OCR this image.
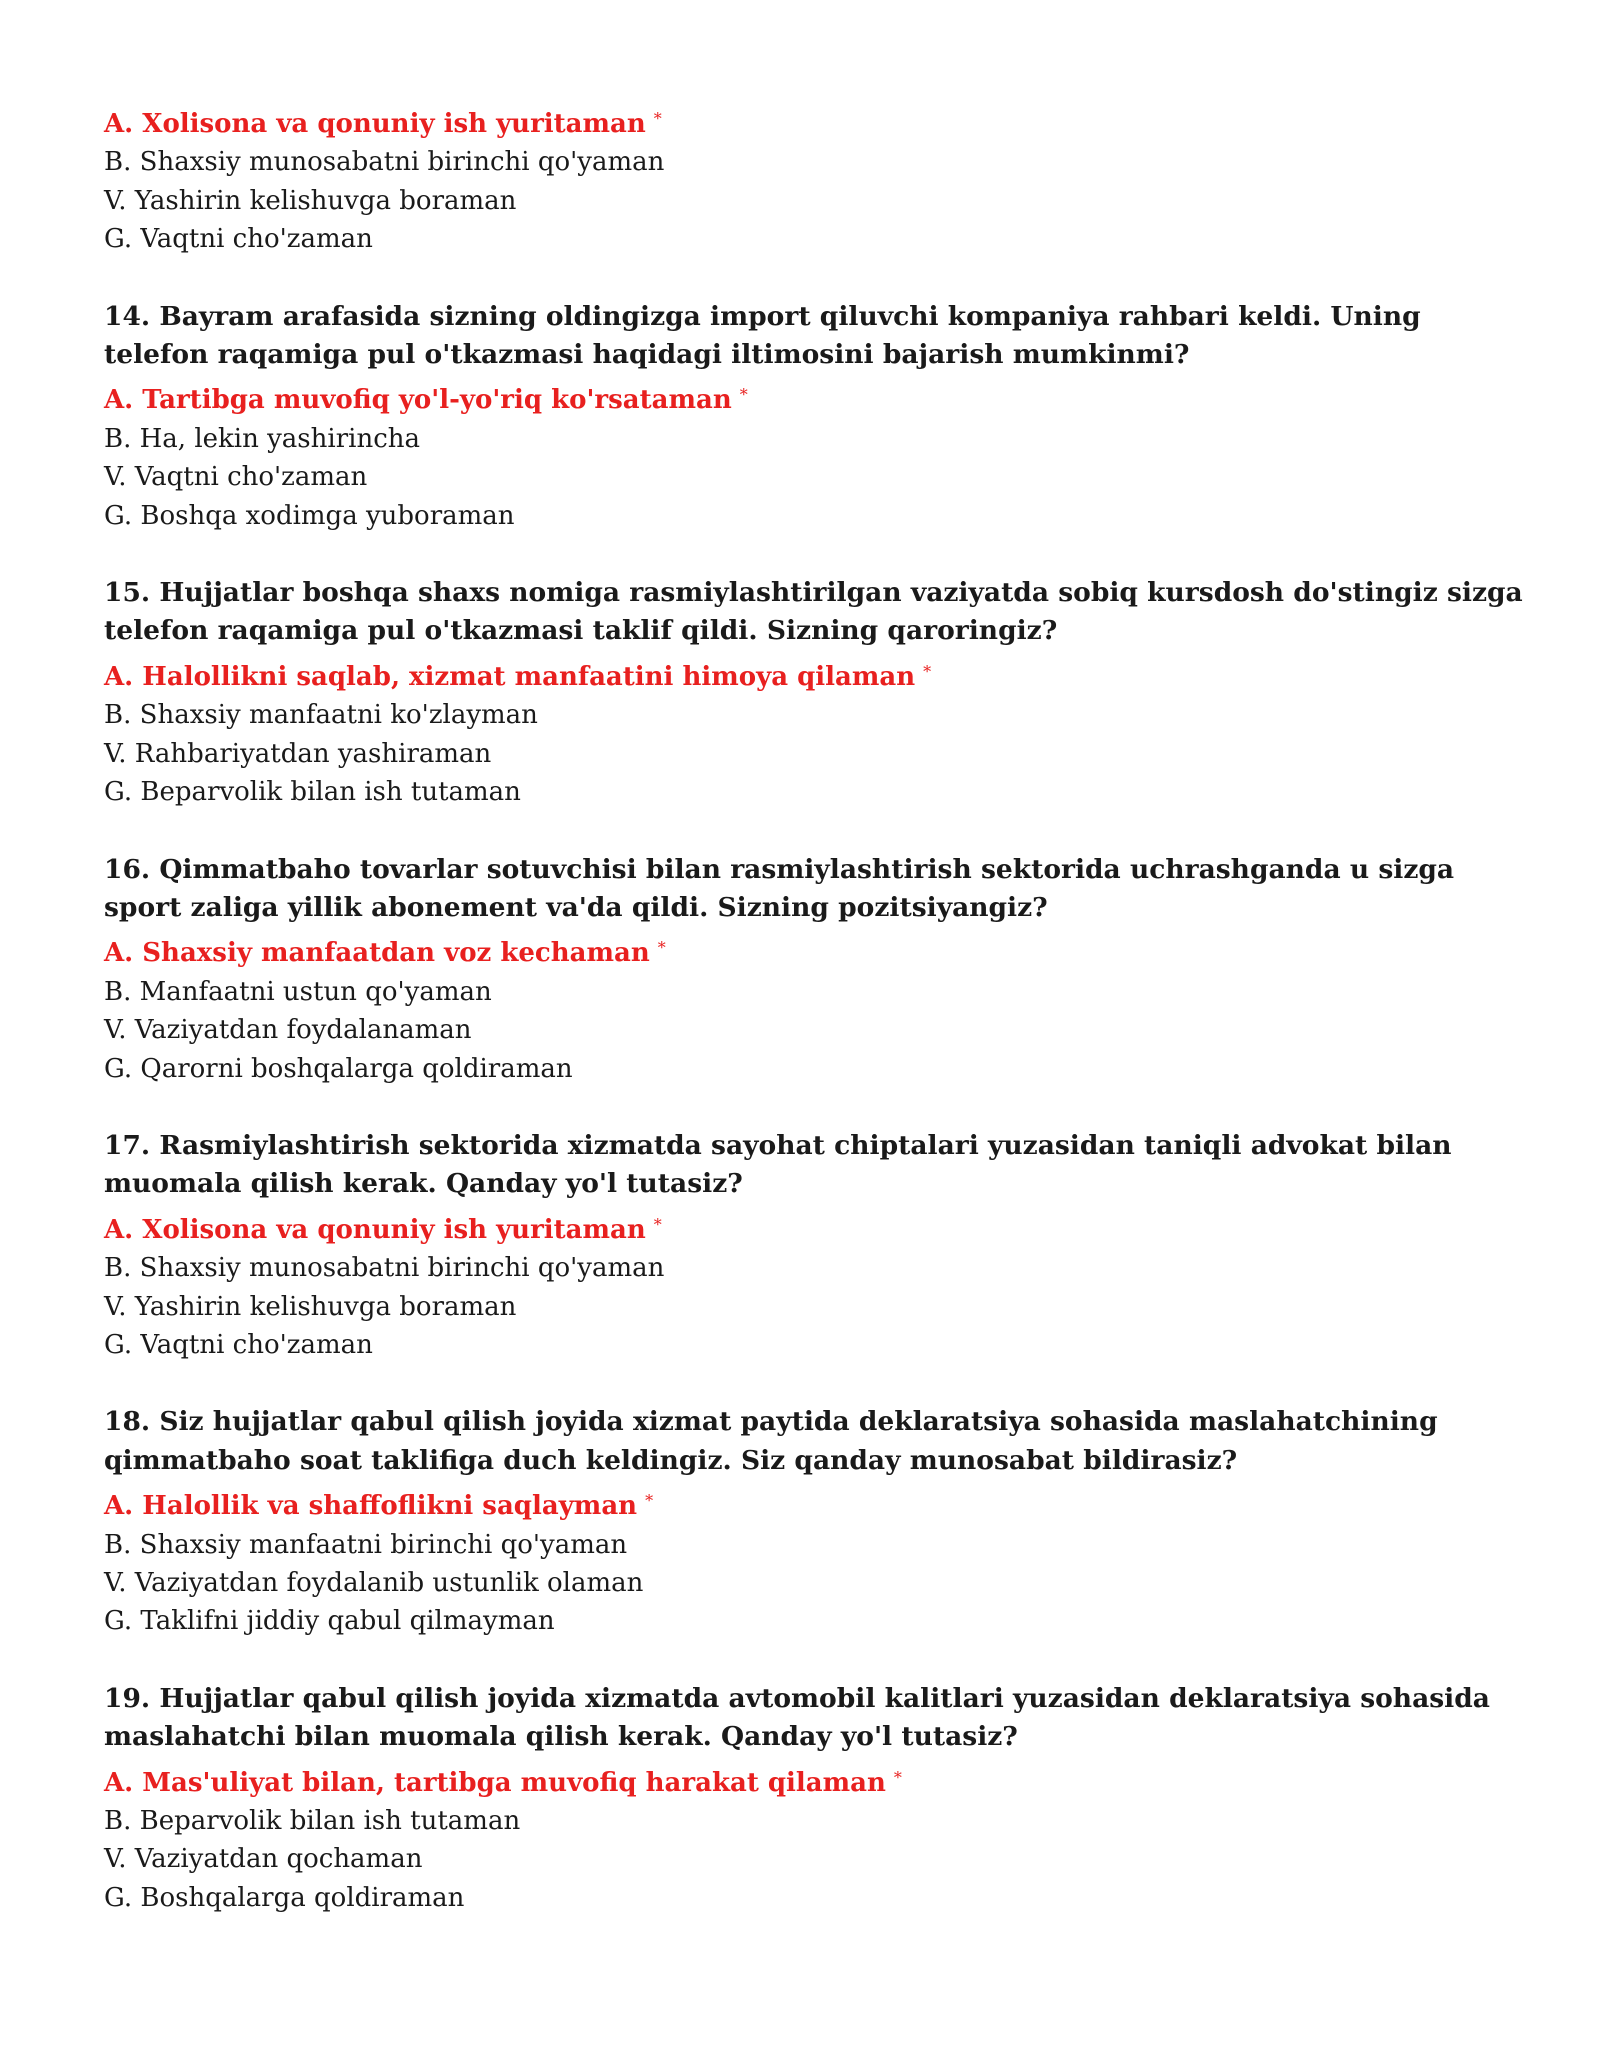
A. Xolisona va qonuniy ish yuritaman *

B. Shaxsiy munosabatni birinchi qo'yaman

V. Yashirin kelishuvga boraman

G. Vaqtni cho'zaman

14. Bayram arafasida sizning oldingizga import qiluvchi kompaniya rahbari keldi. Uning telefon raqamiga pul o'tkazmasi haqidagi iltimosini bajarish mumkinmi?

A. Tartibga muvofiq yo'l-yo'riq ko'rsataman *

B. Ha, lekin yashirincha

V. Vaqtni cho'zaman

G. Boshqa xodimga yuboraman

15. Hujjatlar boshqa shaxs nomiga rasmiylashtirilgan vaziyatda sobiq kursdosh do'stingiz sizga telefon raqamiga pul o'tkazmasi taklif qildi. Sizning qaroringiz?

A. Halollikni saqlab, xizmat manfaatini himoya qilaman *

B. Shaxsiy manfaatni ko'zlayman

V. Rahbariyatdan yashiraman

G. Beparvolik bilan ish tutaman

16. Qimmatbaho tovarlar sotuvchisi bilan rasmiylashtirish sektorida uchrashganda u sizga sport zaliga yillik abonement va'da qildi. Sizning pozitsiyangiz?

A. Shaxsiy manfaatdan voz kechaman *

B. Manfaatni ustun qo'yaman

V. Vaziyatdan foydalanaman

G. Qarorni boshqalarga qoldiraman

17. Rasmiylashtirish sektorida xizmatda sayohat chiptalari yuzasidan taniqli advokat bilan muomala qilish kerak. Qanday yo'l tutasiz?

A. Xolisona va qonuniy ish yuritaman *

B. Shaxsiy munosabatni birinchi qo'yaman

V. Yashirin kelishuvga boraman

G. Vaqtni cho'zaman

18. Siz hujjatlar qabul qilish joyida xizmat paytida deklaratsiya sohasida maslahatchining qimmatbaho soat taklifiga duch keldingiz. Siz qanday munosabat bildirasiz?

A. Halollik va shaffoflikni saqlayman *

B. Shaxsiy manfaatni birinchi qo'yaman

V. Vaziyatdan foydalanib ustunlik olaman

G. Taklifni jiddiy qabul qilmayman

19. Hujjatlar qabul qilish joyida xizmatda avtomobil kalitlari yuzasidan deklaratsiya sohasida maslahatchi bilan muomala qilish kerak. Qanday yo'l tutasiz?

A. Mas'uliyat bilan, tartibga muvofiq harakat qilaman *

B. Beparvolik bilan ish tutaman

V. Vaziyatdan qochaman

G. Boshqalarga qoldiraman
